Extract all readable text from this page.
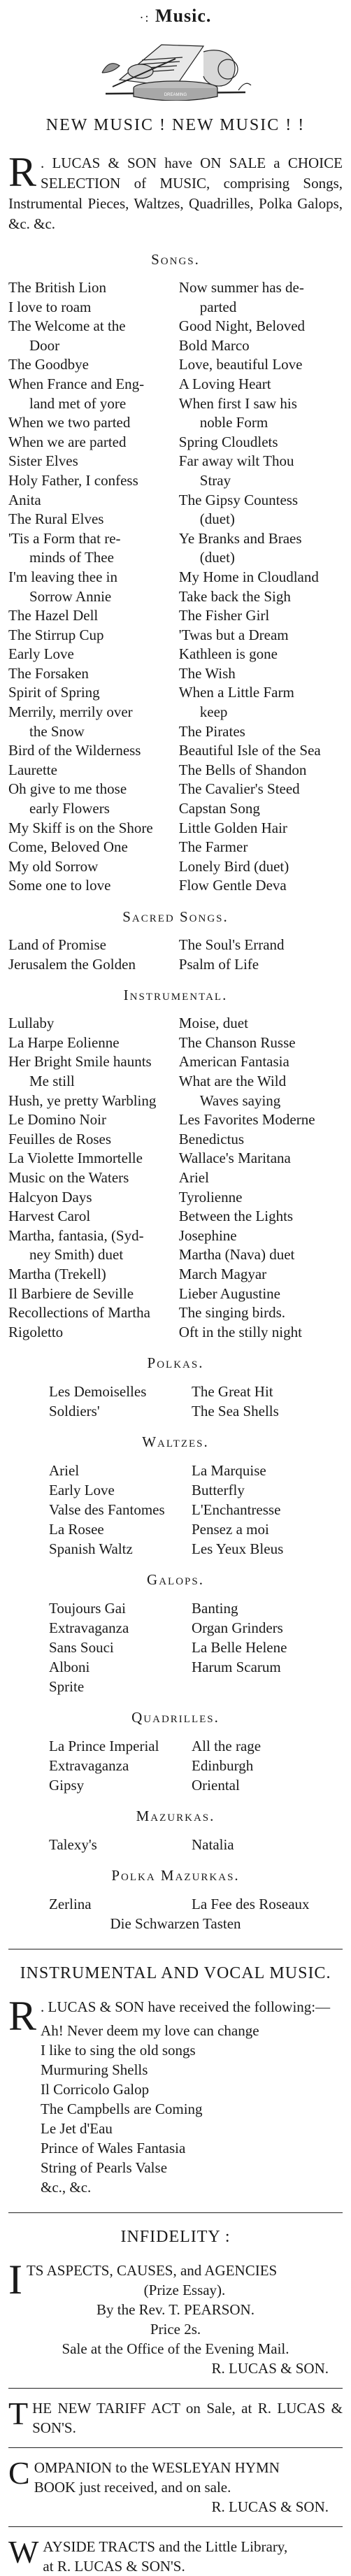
·: Music.
DREAMING
NEW MUSIC ! NEW MUSIC ! !
R . LUCAS & SON have ON SALE a CHOICE SELECTION of MUSIC, comprising Songs, Instrumental Pieces, Waltzes, Quadrilles, Polka Galops, &c. &c.
Songs.
The British Lion
I love to roam
The Welcome at the
Door
The Goodbye
When France and Eng-
land met of yore
When we two parted
When we are parted
Sister Elves
Holy Father, I confess
Anita
The Rural Elves
'Tis a Form that re-
minds of Thee
I'm leaving thee in
Sorrow Annie
The Hazel Dell
The Stirrup Cup
Early Love
The Forsaken
Spirit of Spring
Merrily, merrily over
the Snow
Bird of the Wilderness
Laurette
Oh give to me those
early Flowers
My Skiff is on the Shore
Come, Beloved One
My old Sorrow
Some one to love
Now summer has de-
parted
Good Night, Beloved
Bold Marco
Love, beautiful Love
A Loving Heart
When first I saw his
noble Form
Spring Cloudlets
Far away wilt Thou
Stray
The Gipsy Countess
(duet)
Ye Branks and Braes
(duet)
My Home in Cloudland
Take back the Sigh
The Fisher Girl
'Twas but a Dream
Kathleen is gone
The Wish
When a Little Farm
keep
The Pirates
Beautiful Isle of the Sea
The Bells of Shandon
The Cavalier's Steed
Capstan Song
Little Golden Hair
The Farmer
Lonely Bird (duet)
Flow Gentle Deva
Sacred Songs.
Land of Promise
Jerusalem the Golden
The Soul's Errand
Psalm of Life
Instrumental.
Lullaby
La Harpe Eolienne
Her Bright Smile haunts
Me still
Hush, ye pretty Warbling
Le Domino Noir
Feuilles de Roses
La Violette Immortelle
Music on the Waters
Halcyon Days
Harvest Carol
Martha, fantasia, (Syd-
ney Smith) duet
Martha (Trekell)
Il Barbiere de Seville
Recollections of Martha
Rigoletto
Moise, duet
The Chanson Russe
American Fantasia
What are the Wild
Waves saying
Les Favorites Moderne
Benedictus
Wallace's Maritana
Ariel
Tyrolienne
Between the Lights
Josephine
Martha (Nava) duet
March Magyar
Lieber Augustine
The singing birds.
Oft in the stilly night
Polkas.
Les Demoiselles
Soldiers'
The Great Hit
The Sea Shells
Waltzes.
Ariel
Early Love
Valse des Fantomes
La Rosee
Spanish Waltz
La Marquise
Butterfly
L'Enchantresse
Pensez a moi
Les Yeux Bleus
Galops.
Toujours Gai
Extravaganza
Sans Souci
Alboni
Sprite
Banting
Organ Grinders
La Belle Helene
Harum Scarum
Quadrilles.
La Prince Imperial
Extravaganza
Gipsy
All the rage
Edinburgh
Oriental
Mazurkas.
Talexy's	Natalia
Polka Mazurkas.
Zerlina	La Fee des Roseaux
Die Schwarzen Tasten
INSTRUMENTAL AND VOCAL MUSIC.
R . LUCAS & SON have received the following:—
Ah! Never deem my love can change
I like to sing the old songs
Murmuring Shells
Il Corricolo Galop
The Campbells are Coming
Le Jet d'Eau
Prince of Wales Fantasia
String of Pearls Valse
&c., &c.
INFIDELITY :
I TS ASPECTS, CAUSES, and AGENCIES
(Prize Essay).
By the Rev. T. PEARSON.
Price 2s.
Sale at the Office of the Evening Mail.
R. LUCAS & SON.
THE NEW TARIFF ACT on Sale, at R. LUCAS & SON'S.
C OMPANION to the WESLEYAN HYMN
BOOK just received, and on sale.
R. LUCAS & SON.
W AYSIDE TRACTS and the Little Library,
at R. LUCAS & SON'S.
